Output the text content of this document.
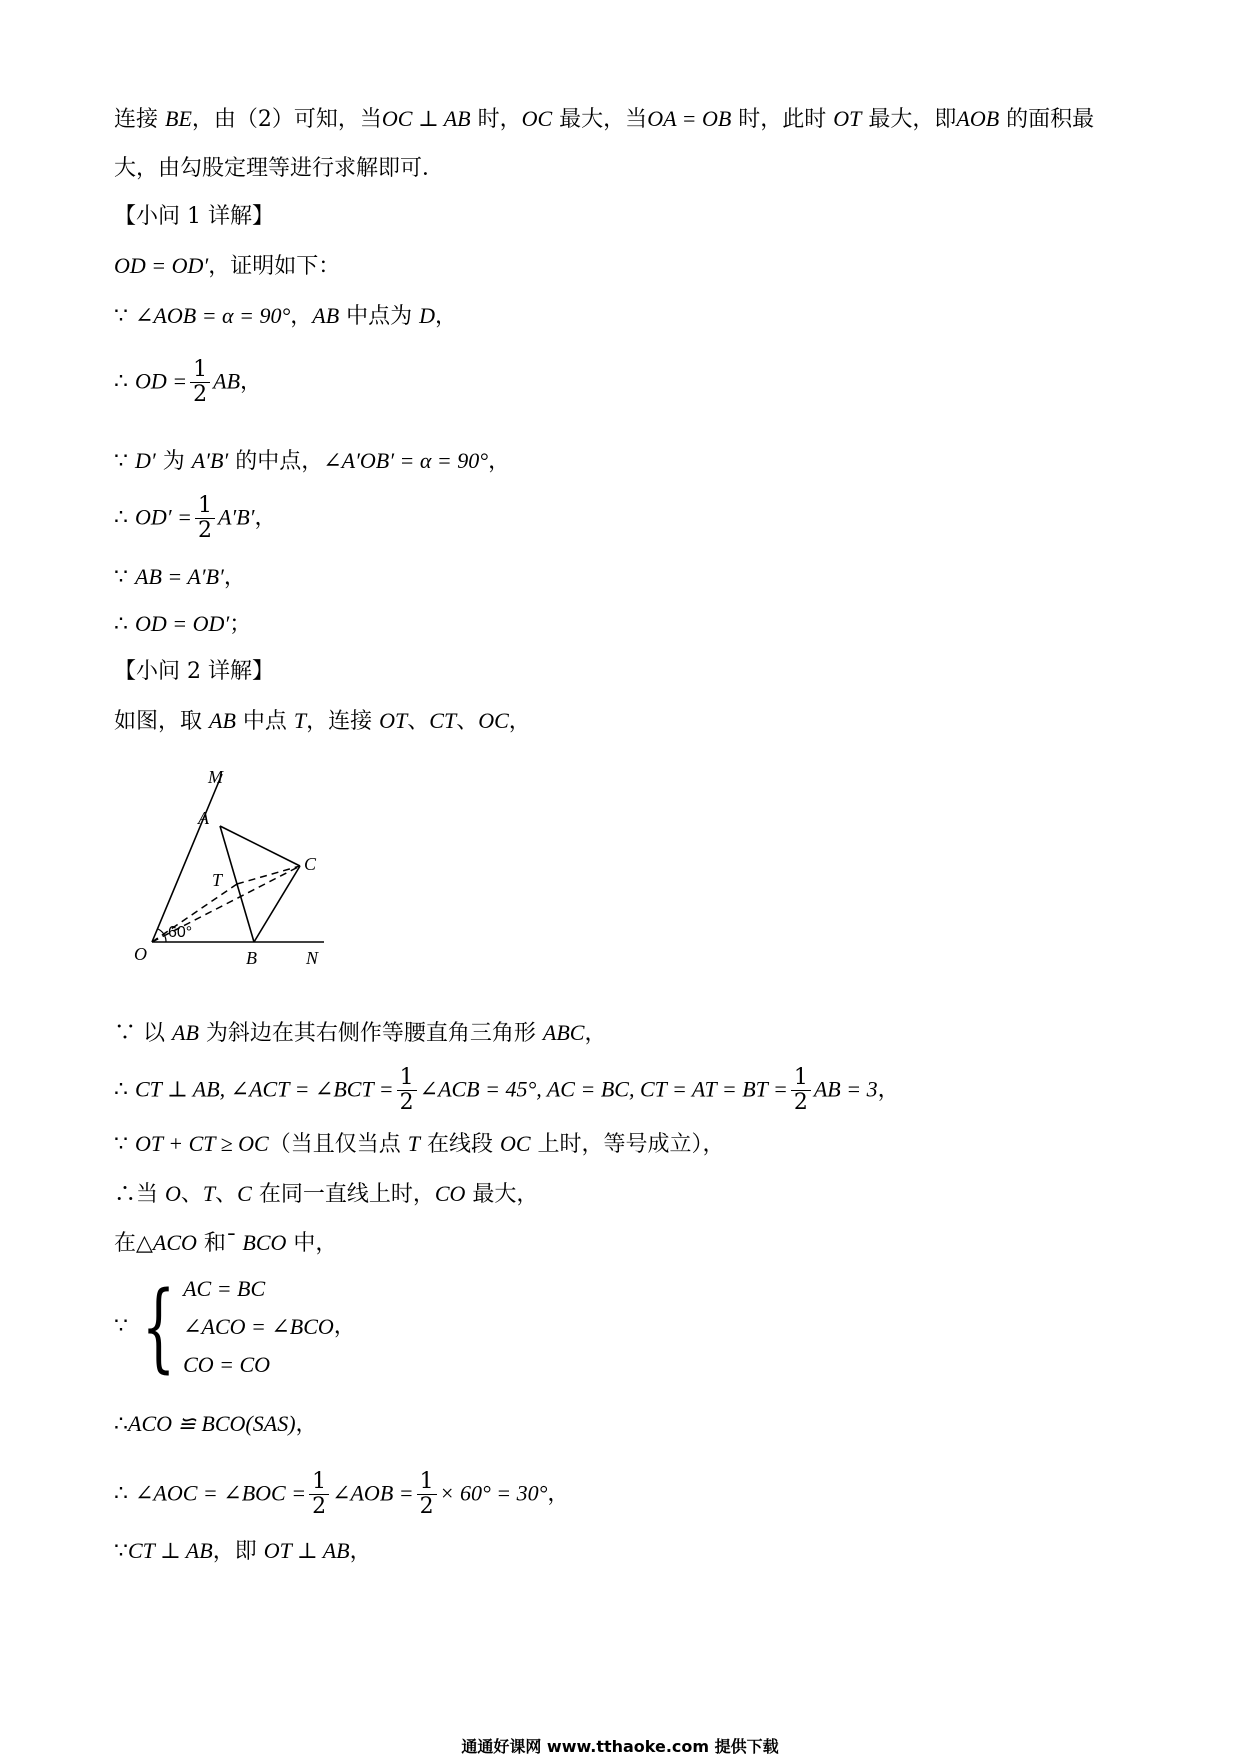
连接 BE，由（2）可知，当OC ⊥ AB 时，OC 最大，当OA = OB 时，此时 OT 最大，即AOB 的面积最
大，由勾股定理等进行求解即可．
【小问 1 详解】
OD = OD′，证明如下：
∵ ∠AOB = α = 90°，AB 中点为 D，
∴ OD = $\frac{1}{2}$ AB，
∵ D′ 为 A′B′ 的中点，∠A′OB′ = α = 90°，
∴ $OD' = \frac{1}{2} A'B'$，
∵ AB = A′B′，
∴ OD = OD′；
【小问 2 详解】
如图，取 AB 中点 T，连接 OT、CT、OC，
M
A
C
T
O	B	N
60°
∵ 以 AB 为斜边在其右侧作等腰直角三角形 ABC，
∴ CT ⊥ AB, ∠ACT = ∠BCT = $\frac{1}{2}$ ∠ACB = 45°, AC = BC, CT = AT = BT = $\frac{1}{2}$ AB = 3，
∵ OT + CT ≥ OC（当且仅当点 T 在线段 OC 上时，等号成立），
∴当 O、T、C 在同一直线上时，CO 最大，
在△ACO 和¯ BCO 中，
∵ { AC = BC
∠ACO = ∠BCO
CO = CO
，
∴ACO ≌ BCO(SAS)，
∴ ∠AOC = ∠BOC = $\frac{1}{2}$ ∠AOB = $\frac{1}{2} \times 60^\circ = 30^\circ$，
∵CT ⊥ AB，即 OT ⊥ AB，
通通好课网 www.tthaoke.com 提供下载
